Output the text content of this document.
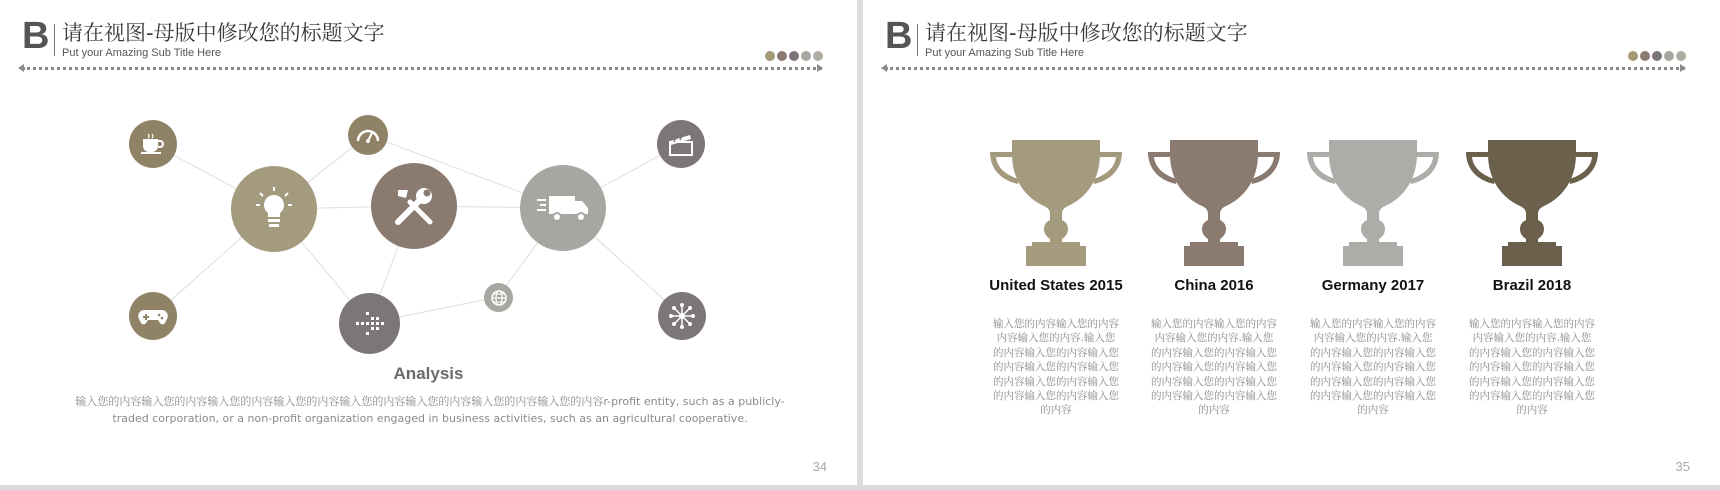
B 请在视图-母版中修改您的标题文字
Put your Amazing Sub Title Here
Analysis
输入您的内容输入您的内容输入您的内容输入您的内容输入您的内容输入您的内容输入您的内容输入您的内容r-profit entity, such as a publicly-traded corporation, or a non-profit organization engaged in business activities, such as an agricultural cooperative.
34
B 请在视图-母版中修改您的标题文字
Put your Amazing Sub Title Here
United States 2015	China 2016	Germany 2017	Brazil 2018
输入您的内容输入您的内容内容输入您的内容.输入您的内容输入您的内容输入您的内容输入您的内容输入您的内容输入您的内容输入您的内容输入您的内容输入您的内容
输入您的内容输入您的内容内容输入您的内容.输入您的内容输入您的内容输入您的内容输入您的内容输入您的内容输入您的内容输入您的内容输入您的内容输入您的内容
输入您的内容输入您的内容内容输入您的内容.输入您的内容输入您的内容输入您的内容输入您的内容输入您的内容输入您的内容输入您的内容输入您的内容输入您的内容
输入您的内容输入您的内容内容输入您的内容.输入您的内容输入您的内容输入您的内容输入您的内容输入您的内容输入您的内容输入您的内容输入您的内容输入您的内容
35
